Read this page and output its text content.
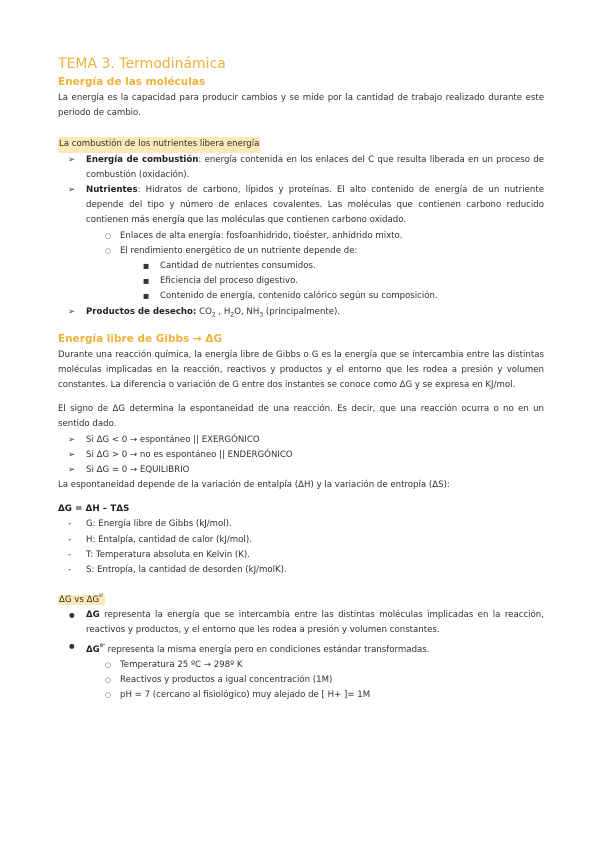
TEMA 3. Termodinámica
Energía de las moléculas

La energía es la capacidad para producir cambios y se mide por la cantidad de trabajo realizado durante este periodo de cambio.

La combustión de los nutrientes libera energía
➢ Energía de combustión: energía contenida en los enlaces del C que resulta liberada en un proceso de combustión (oxidación).
➢ Nutrientes: Hidratos de carbono, lípidos y proteínas. El alto contenido de energía de un nutriente depende del tipo y número de enlaces covalentes. Las moléculas que contienen carbono reducido contienen más energía que las moléculas que contienen carbono oxidado.
○ Enlaces de alta energía: fosfoanhidrido, tioéster, anhidrido mixto.
○ El rendimiento energético de un nutriente depende de:
■ Cantidad de nutrientes consumidos.
■ Eficiencia del proceso digestivo.
■ Contenido de energía, contenido calórico según su composición.
➢ Productos de desecho: $CO_2$ , $H_2O$, $NH_3$ (principalmente).
Energía libre de Gibbs → ΔG

Durante una reacción química, la energía libre de Gibbs o G es la energía que se intercambia entre las distintas moléculas implicadas en la reacción, reactivos y productos y el entorno que les rodea a presión y volumen constantes. La diferencia o variación de G entre dos instantes se conoce como ΔG y se expresa en KJ/mol.

El signo de ΔG determina la espontaneidad de una reacción. Es decir, que una reacción ocurra o no en un sentido dado.

➢ Si ΔG < 0 → espontáneo || EXERGÓNICO
➢ Si ΔG > 0 → no es espontáneo || ENDERGÓNICO
➢ Si ΔG = 0 → EQUILIBRIO

La espontaneidad depende de la variación de entalpía (ΔH) y la variación de entropía (ΔS):

ΔG = ΔH – TΔS
- G: Energía libre de Gibbs (kJ/mol).
- H: Entalpía, cantidad de calor (kJ/mol).
- T: Temperatura absoluta en Kelvin (K).
- S: Entropía, la cantidad de desorden (kJ/molK).
ΔG vs $\Delta G^{º'}$
● ΔG representa la energía que se intercambia entre las distintas moléculas implicadas en la reacción, reactivos y productos, y el entorno que les rodea a presión y volumen constantes.
● $\Delta G^{º'}$ representa la misma energía pero en condiciones estándar transformadas.
○ Temperatura 25 ºC → 298º K
○ Reactivos y productos a igual concentración (1M)
○ pH = 7 (cercano al fisiológico) muy alejado de [ H+ ]= 1M
